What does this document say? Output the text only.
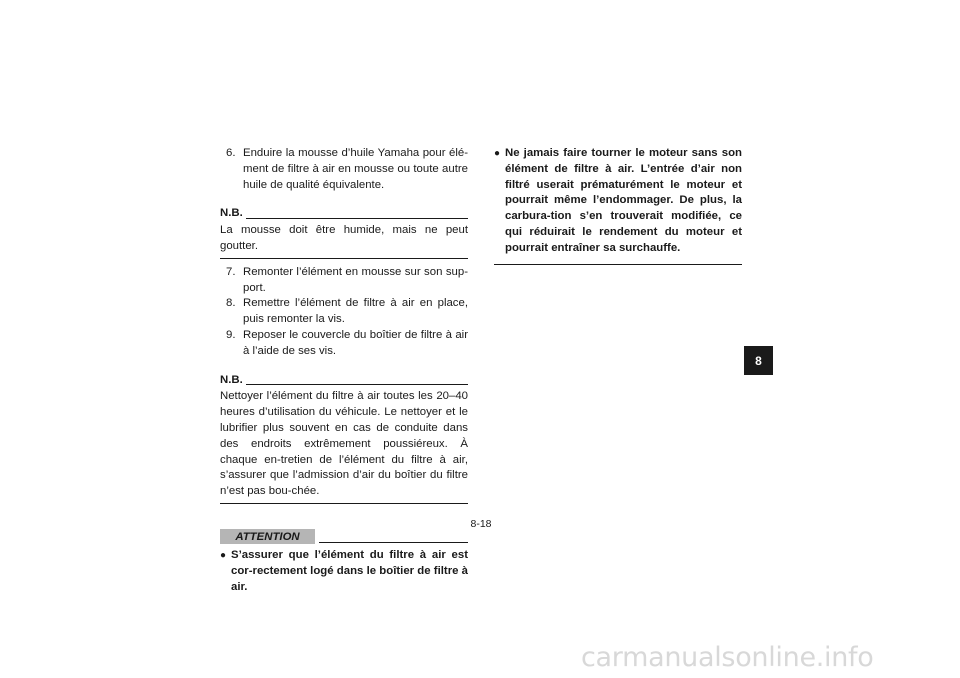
6. Enduire la mousse d’huile Yamaha pour élé-ment de filtre à air en mousse ou toute autre huile de qualité équivalente.
N.B.
La mousse doit être humide, mais ne peut goutter.
7. Remonter l’élément en mousse sur son sup-port.
8. Remettre l’élément de filtre à air en place, puis remonter la vis.
9. Reposer le couvercle du boîtier de filtre à air à l’aide de ses vis.
N.B.
Nettoyer l’élément du filtre à air toutes les 20–40 heures d’utilisation du véhicule. Le nettoyer et le lubrifier plus souvent en cas de conduite dans des endroits extrêmement poussiéreux. À chaque en-tretien de l’élément du filtre à air, s’assurer que l’admission d’air du boîtier du filtre n’est pas bou-chée.
ATTENTION
● S’assurer que l’élément du filtre à air est cor-rectement logé dans le boîtier de filtre à air.
● Ne jamais faire tourner le moteur sans son élément de filtre à air. L’entrée d’air non filtré userait prématurément le moteur et pourrait même l’endommager. De plus, la carbura-tion s’en trouverait modifiée, ce qui réduirait le rendement du moteur et pourrait entraîner sa surchauffe.
8-18
8
carmanualsonline.info
